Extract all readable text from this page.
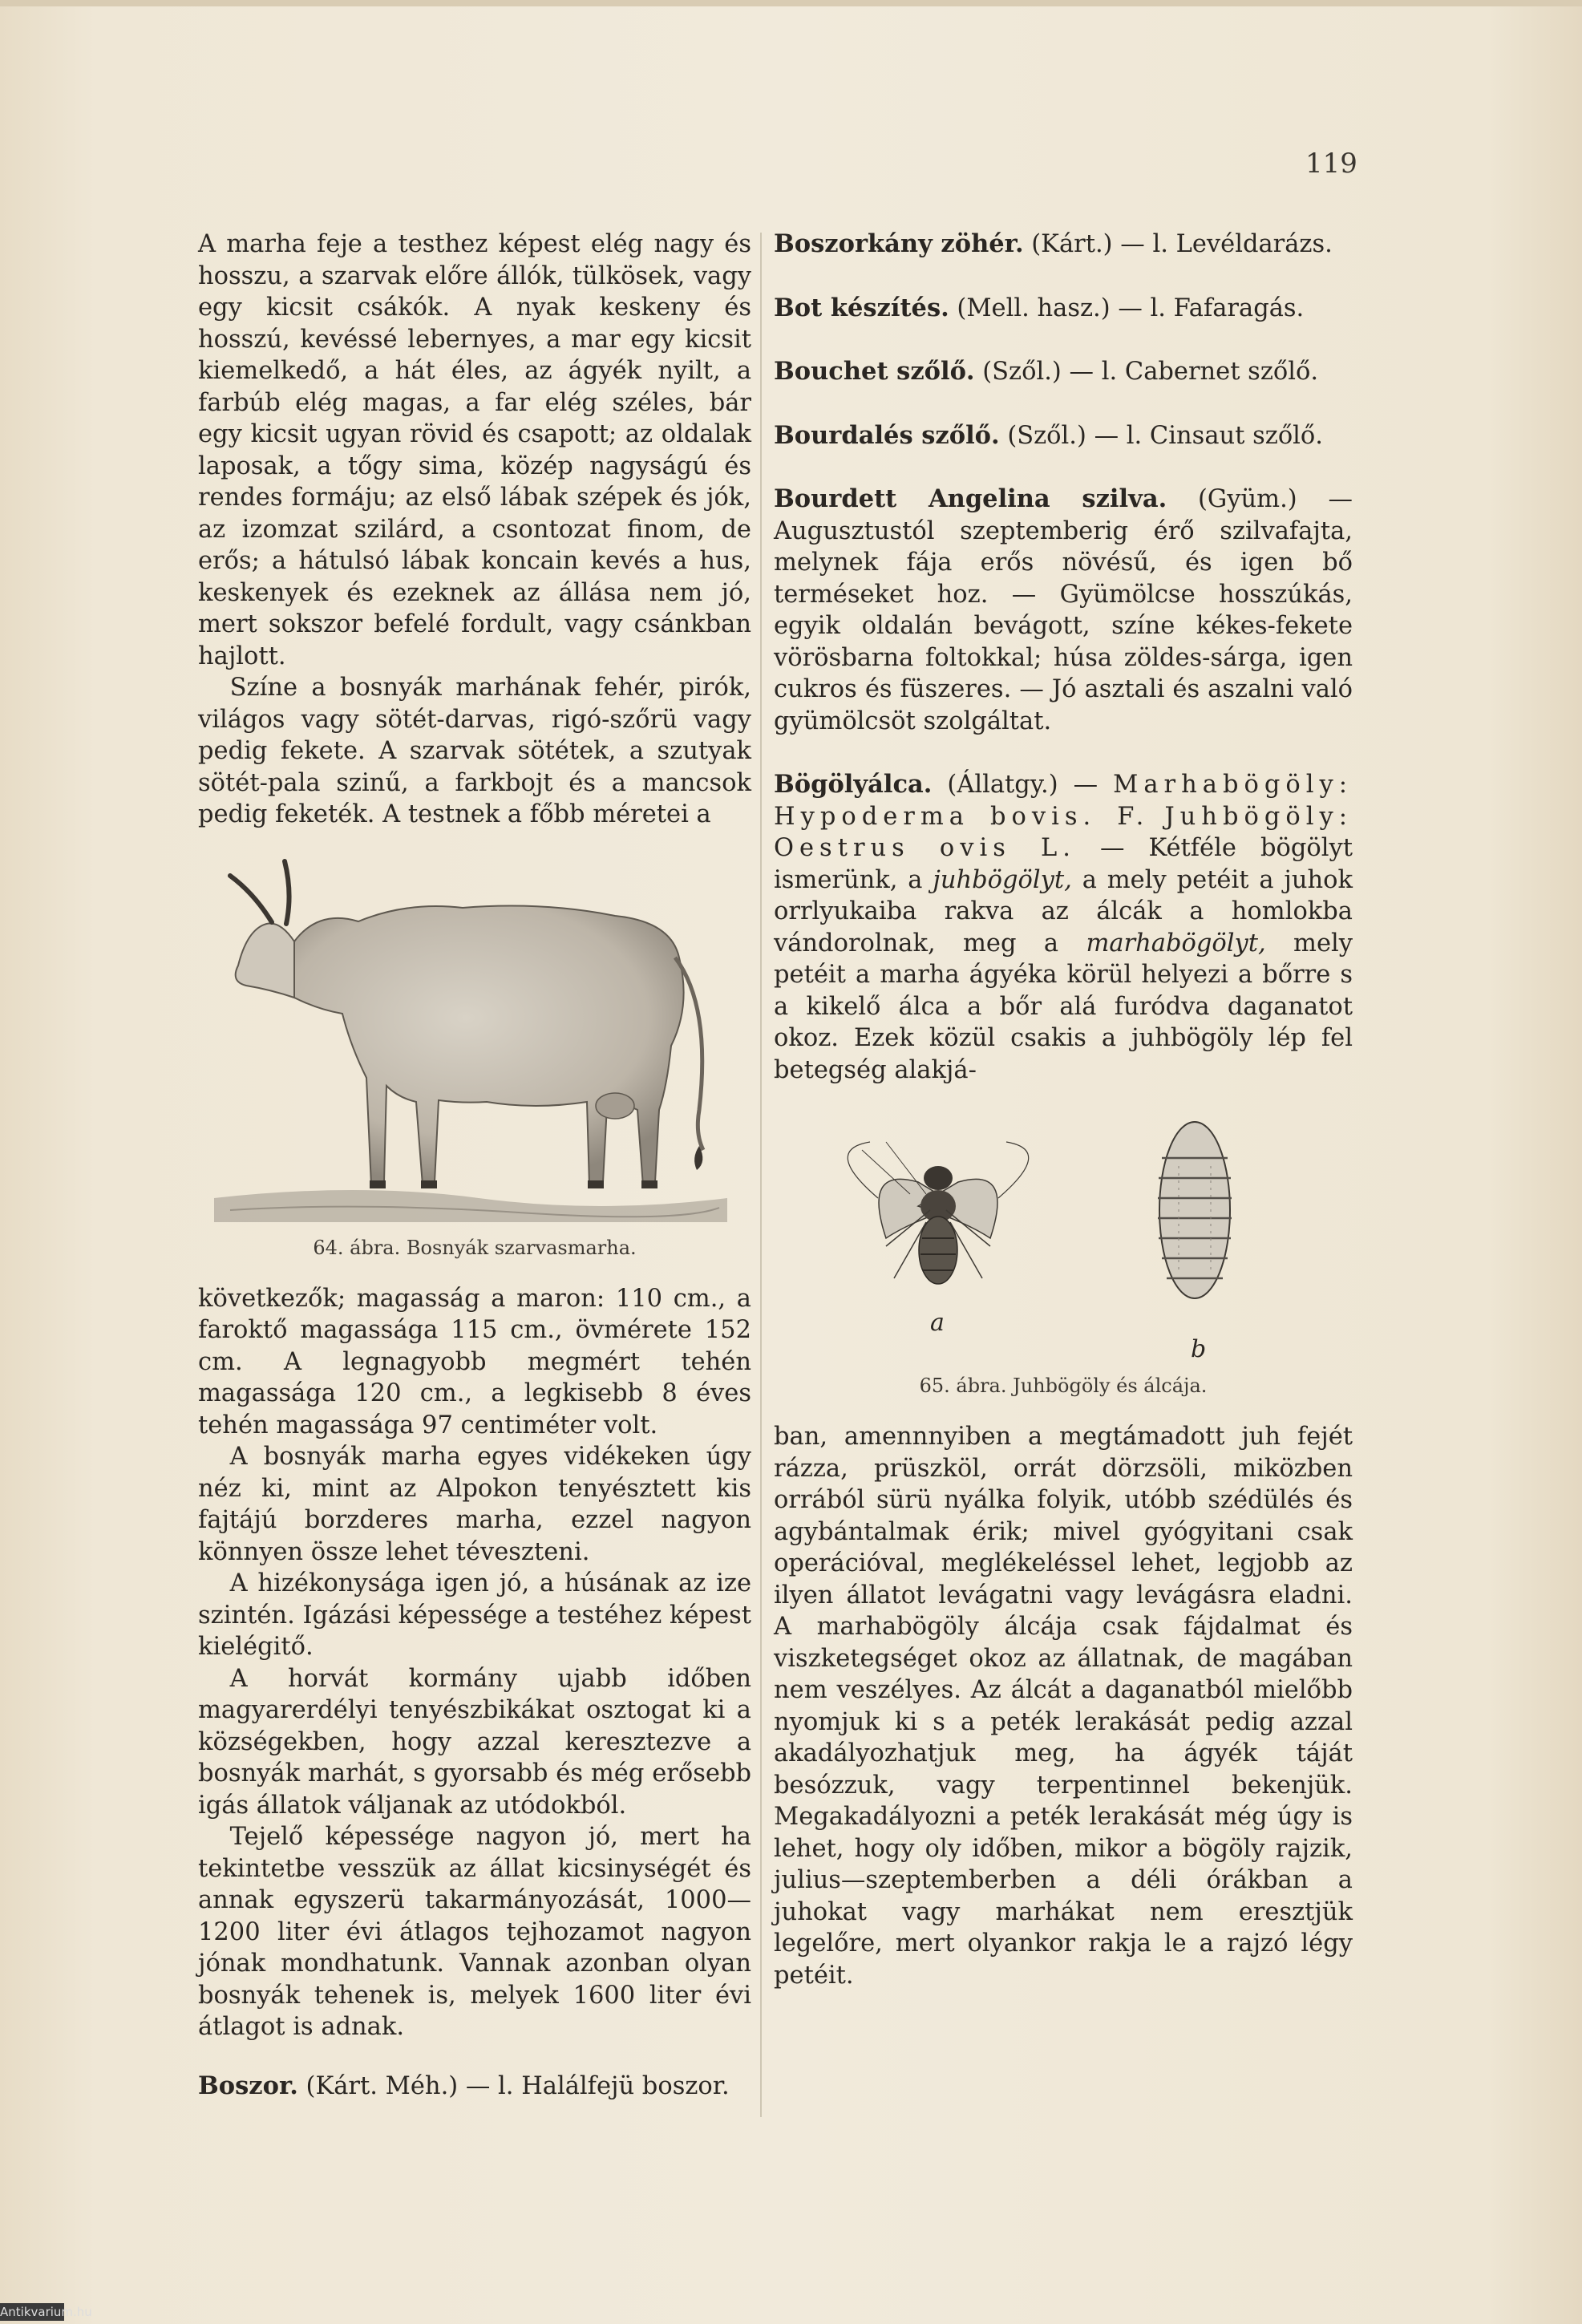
119

A marha feje a testhez képest elég nagy és hosszu, a szarvak előre állók, tülkösek, vagy egy kicsit csákók. A nyak keskeny és hosszú, kevéssé lebernyes, a mar egy kicsit kiemelkedő, a hát éles, az ágyék nyilt, a farbúb elég magas, a far elég széles, bár egy kicsit ugyan rövid és csapott; az oldalak laposak, a tőgy sima, közép nagyságú és rendes formáju; az első lábak szépek és jók, az izomzat szilárd, a csontozat finom, de erős; a hátulsó lábak koncain kevés a hus, keskenyek és ezeknek az állása nem jó, mert sokszor befelé fordult, vagy csánkban hajlott.

Színe a bosnyák marhának fehér, pirók, világos vagy sötét-darvas, rigó-szőrü vagy pedig fekete. A szarvak sötétek, a szutyak sötét-pala szinű, a farkbojt és a mancsok pedig feketék. A testnek a főbb méretei a

64. ábra. Bosnyák szarvasmarha.

következők; magasság a maron: 110 cm., a faroktő magassága 115 cm., övmérete 152 cm. A legnagyobb megmért tehén magassága 120 cm., a legkisebb 8 éves tehén magassága 97 centiméter volt.

A bosnyák marha egyes vidékeken úgy néz ki, mint az Alpokon tenyésztett kis fajtájú borzderes marha, ezzel nagyon könnyen össze lehet téveszteni.

A hizékonysága igen jó, a húsának az ize szintén. Igázási képessége a testéhez képest kielégitő.

A horvát kormány ujabb időben magyarerdélyi tenyészbikákat osztogat ki a községekben, hogy azzal keresztezve a bosnyák marhát, s gyorsabb és még erősebb igás állatok váljanak az utódokból.

Tejelő képessége nagyon jó, mert ha tekintetbe vesszük az állat kicsinységét és annak egyszerü takarmányozását, 1000—1200 liter évi átlagos tejhozamot nagyon jónak mondhatunk. Vannak azonban olyan bosnyák tehenek is, melyek 1600 liter évi átlagot is adnak.

Boszor. (Kárt. Méh.) — l. Halálfejü boszor.

Boszorkány zöhér. (Kárt.) — l. Levéldarázs.

Bot készítés. (Mell. hasz.) — l. Fafaragás.

Bouchet szőlő. (Szől.) — l. Cabernet szőlő.

Bourdalés szőlő. (Szől.) — l. Cinsaut szőlő.

Bourdett Angelina szilva. (Gyüm.) — Augusztustól szeptemberig érő szilvafajta, melynek fája erős növésű, és igen bő terméseket hoz. — Gyümölcse hosszúkás, egyik oldalán bevágott, színe kékes-fekete vörösbarna foltokkal; húsa zöldes-sárga, igen cukros és füszeres. — Jó asztali és aszalni való gyümölcsöt szolgáltat.

Bögölyálca. (Állatgy.) — Marhabögöly: Hypoderma bovis. F. Juhbögöly: Oestrus ovis L. — Kétféle bögölyt ismerünk, a juhbögölyt, a mely petéit a juhok orrlyukaiba rakva az álcák a homlokba vándorolnak, meg a marhabögölyt, mely petéit a marha ágyéka körül helyezi a bőrre s a kikelő álca a bőr alá furódva daganatot okoz. Ezek közül csakis a juhbögöly lép fel betegség alakjá-

a
b
65. ábra. Juhbögöly és álcája.

ban, amennnyiben a megtámadott juh fejét rázza, prüszköl, orrát dörzsöli, miközben orrából sürü nyálka folyik, utóbb szédülés és agybántalmak érik; mivel gyógyitani csak operációval, meglékeléssel lehet, legjobb az ilyen állatot levágatni vagy levágásra eladni. A marhabögöly álcája csak fájdalmat és viszketegséget okoz az állatnak, de magában nem veszélyes. Az álcát a daganatból mielőbb nyomjuk ki s a peték lerakását pedig azzal akadályozhatjuk meg, ha ágyék táját besózzuk, vagy terpentinnel bekenjük. Megakadályozni a peték lerakását még úgy is lehet, hogy oly időben, mikor a bögöly rajzik, julius—szeptemberben a déli órákban a juhokat vagy marhákat nem eresztjük legelőre, mert olyankor rakja le a rajzó légy petéit.

Antikvarium.hu
